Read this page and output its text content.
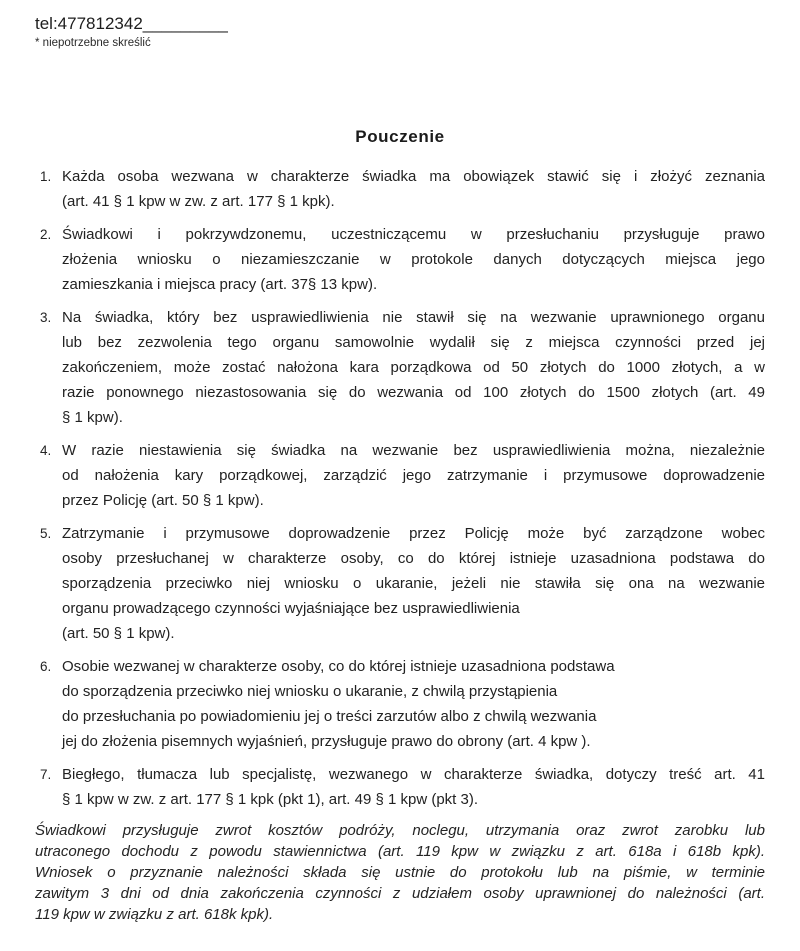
tel:477812342_________
* niepotrzebne skreślić
Pouczenie
1. Każda osoba wezwana w charakterze świadka ma obowiązek stawić się i złożyć zeznania
(art. 41 § 1 kpw w zw. z art. 177 § 1 kpk).
2. Świadkowi i pokrzywdzonemu, uczestniczącemu w przesłuchaniu przysługuje prawo
złożenia wniosku o niezamieszczanie w protokole danych dotyczących miejsca jego
zamieszkania i miejsca pracy (art. 37§ 13 kpw).
3. Na świadka, który bez usprawiedliwienia nie stawił się na wezwanie uprawnionego organu
lub bez zezwolenia tego organu samowolnie wydalił się z miejsca czynności przed jej
zakończeniem, może zostać nałożona kara porządkowa od 50 złotych do 1000 złotych, a w
razie ponownego niezastosowania się do wezwania od 100 złotych do 1500 złotych (art. 49
§ 1 kpw).
4. W razie niestawienia się świadka na wezwanie bez usprawiedliwienia można, niezależnie
od nałożenia kary porządkowej, zarządzić jego zatrzymanie i przymusowe doprowadzenie
przez Policję (art. 50 § 1 kpw).
5. Zatrzymanie i przymusowe doprowadzenie przez Policję może być zarządzone wobec
osoby przesłuchanej w charakterze osoby, co do której istnieje uzasadniona podstawa do
sporządzenia przeciwko niej wniosku o ukaranie, jeżeli nie stawiła się ona na wezwanie
organu prowadzącego czynności wyjaśniające bez usprawiedliwienia
(art. 50 § 1 kpw).
6. Osobie wezwanej w charakterze osoby, co do której istnieje uzasadniona podstawa
do sporządzenia przeciwko niej wniosku o ukaranie, z chwilą przystąpienia
do przesłuchania po powiadomieniu jej o treści zarzutów albo z chwilą wezwania
jej do złożenia pisemnych wyjaśnień, przysługuje prawo do obrony (art. 4 kpw ).
7. Biegłego, tłumacza lub specjalistę, wezwanego w charakterze świadka, dotyczy treść art. 41
§ 1 kpw w zw. z art. 177 § 1 kpk (pkt 1), art. 49 § 1 kpw (pkt 3).
Świadkowi przysługuje zwrot kosztów podróży, noclegu, utrzymania oraz zwrot zarobku lub
utraconego dochodu z powodu stawiennictwa (art. 119 kpw w związku z art. 618a i 618b kpk).
Wniosek o przyznanie należności składa się ustnie do protokołu lub na piśmie, w terminie
zawitym 3 dni od dnia zakończenia czynności z udziałem osoby uprawnionej do należności (art.
119 kpw w związku z art. 618k kpk).
